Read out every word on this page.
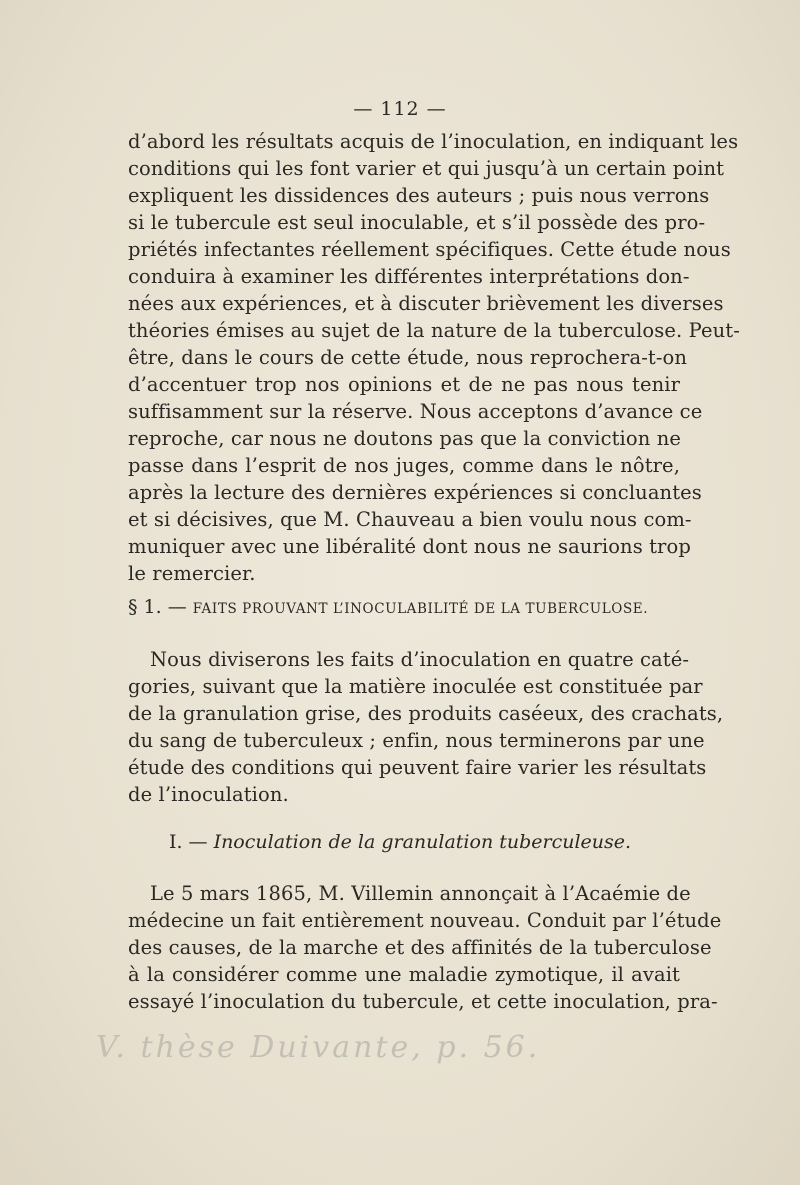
— 112 —
d’abord les résultats acquis de l’inoculation, en indiquant les
conditions qui les font varier et qui jusqu’à un certain point
expliquent les dissidences des auteurs ; puis nous verrons
si le tubercule est seul inoculable, et s’il possède des pro-
priétés infectantes réellement spécifiques. Cette étude nous
conduira à examiner les différentes interprétations don-
nées aux expériences, et à discuter brièvement les diverses
théories émises au sujet de la nature de la tuberculose. Peut-
être, dans le cours de cette étude, nous reprochera-t-on
d’accentuer trop nos opinions et de ne pas nous tenir
suffisamment sur la réserve. Nous acceptons d’avance ce
reproche, car nous ne doutons pas que la conviction ne
passe dans l’esprit de nos juges, comme dans le nôtre,
après la lecture des dernières expériences si concluantes
et si décisives, que M. Chauveau a bien voulu nous com-
muniquer avec une libéralité dont nous ne saurions trop
le remercier.
§ 1. — FAITS PROUVANT L’INOCULABILITÉ DE LA TUBERCULOSE.
Nous diviserons les faits d’inoculation en quatre caté-
gories, suivant que la matière inoculée est constituée par
de la granulation grise, des produits caséeux, des crachats,
du sang de tuberculeux ; enfin, nous terminerons par une
étude des conditions qui peuvent faire varier les résultats
de l’inoculation.
I. — Inoculation de la granulation tuberculeuse.
Le 5 mars 1865, M. Villemin annonçait à l’Acaémie de
médecine un fait entièrement nouveau. Conduit par l’étude
des causes, de la marche et des affinités de la tuberculose
à la considérer comme une maladie zymotique, il avait
essayé l’inoculation du tubercule, et cette inoculation, pra-
V. thèse Duivante, p. 56.
